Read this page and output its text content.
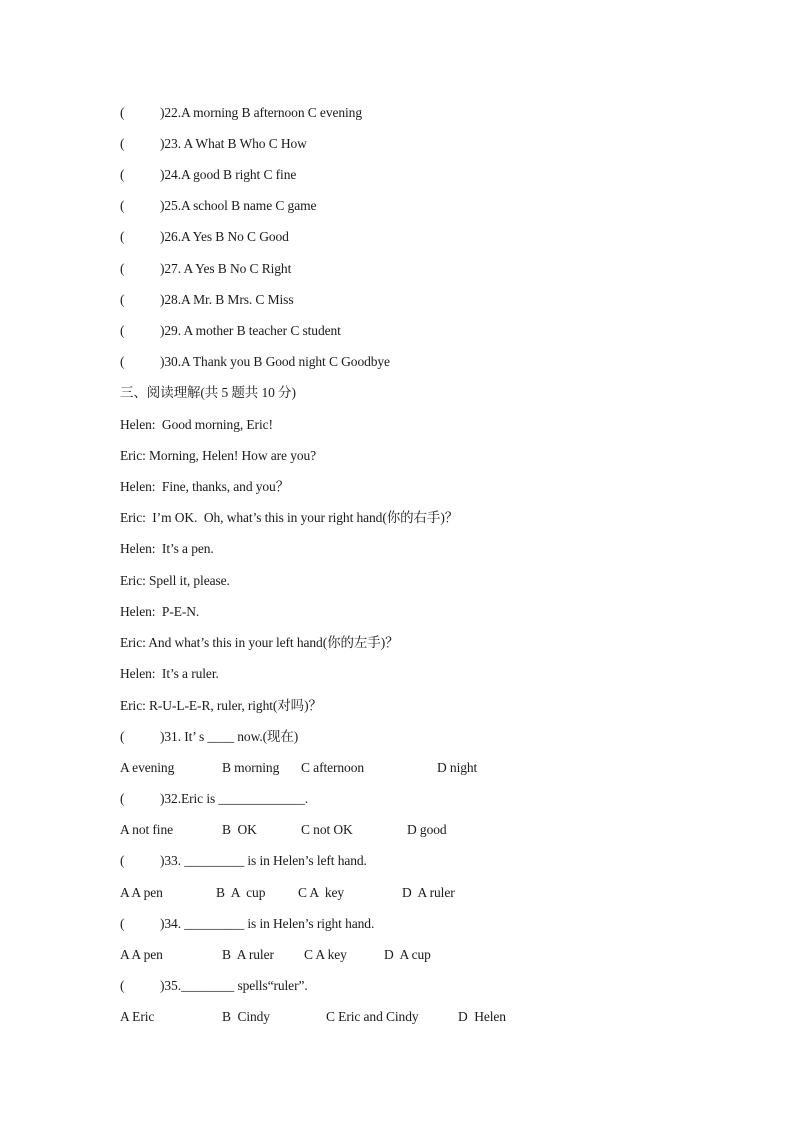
(	)22.A morning B afternoon C evening
(	)23. A What B Who C How
(	)24.A good B right C fine
(	)25.A school B name C game
(	)26.A Yes B No C Good
(	)27. A Yes B No C Right
(	)28.A Mr. B Mrs. C Miss
(	)29. A mother B teacher C student
(	)30.A Thank you B Good night C Goodbye
三、阅读理解(共 5 题共 10 分)
Helen:  Good morning, Eric!
Eric: Morning, Helen! How are you?
Helen:  Fine, thanks, and you？
Eric:  I’m OK.  Oh, what’s this in your right hand(你的右手)？
Helen:  It’s a pen.
Eric: Spell it, please.
Helen:  P-E-N.
Eric: And what’s this in your left hand(你的左手)？
Helen:  It’s a ruler.
Eric: R-U-L-E-R, ruler, right(对吗)？
(	)31. It’ s ____ now.(现在)

A evening

	B morning

C afternoon

	D night

(	)32.Eric is _____________.

A not fine

	B  OK

	C not OK

	D good

(	)33. _________ is in Helen’s left hand.

A A pen

	B  A  cup

C A  key

	D  A ruler

(	)34. _________ is in Helen’s right hand.

A A pen

	B  A ruler

C A key

	D  A cup

(	)35.________ spells“ruler”.

A Eric

	B  Cindy

	C Eric and Cindy

	D  Helen
